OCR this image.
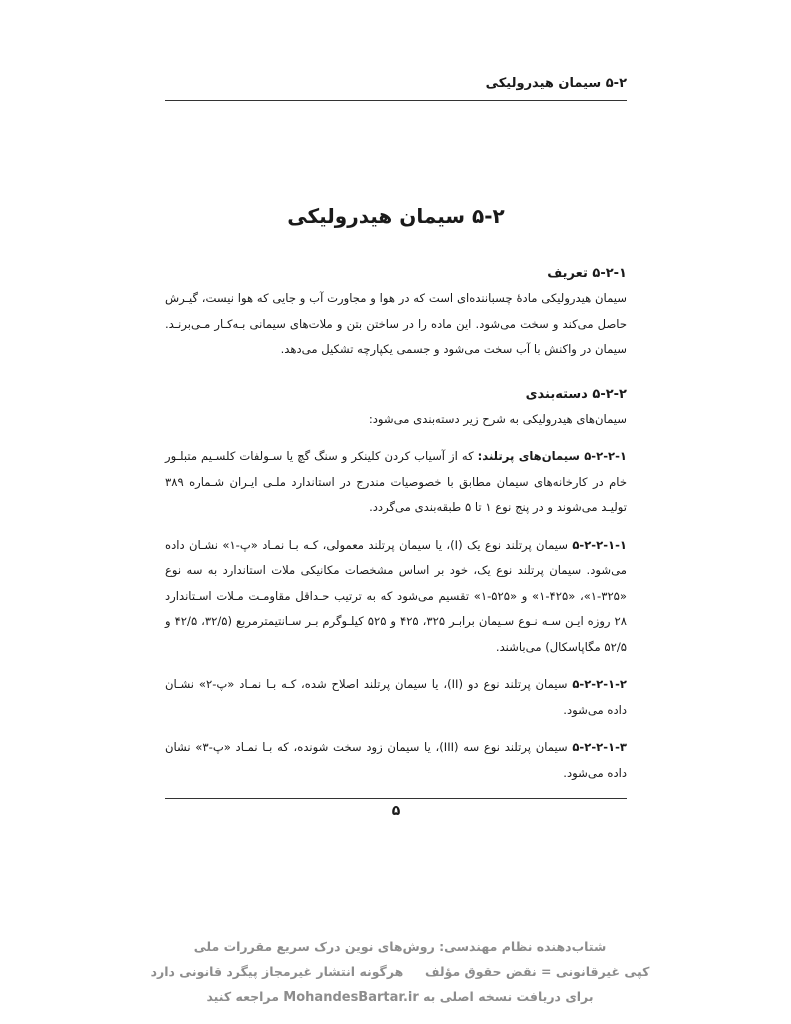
۵-۲ سیمان هیدرولیکی
۵-۲ سیمان هیدرولیکی
۵-۲-۱ تعریف

سیمان هیدرولیکی مادهٔ چسباننده‌ای است که در هوا و مجاورت آب و جایی که هوا نیست، گیـرش حاصل می‌کند و سخت می‌شود. این ماده را در ساختن بتن و ملات‌های سیمانی بـه‌کـار مـی‌برنـد. سیمان در واکنش با آب سخت می‌شود و جسمی یکپارچه تشکیل می‌دهد.

۵-۲-۲ دسته‌بندی

سیمان‌های هیدرولیکی به شرح زیر دسته‌بندی می‌شود:

۵-۲-۲-۱ سیمان‌های پرتلند: که از آسیاب کردن کلینکر و سنگ گچ یا سـولفات کلسـیم متبلـور خام در کارخانه‌های سیمان مطابق با خصوصیات مندرج در استاندارد ملـی ایـران شـماره ۳۸۹ تولیـد می‌شوند و در پنج نوع ۱ تا ۵ طبقه‌بندی می‌گردد.

۵-۲-۲-۱-۱ سیمان پرتلند نوع یک (I)، یا سیمان پرتلند معمولی، کـه بـا نمـاد «پ-۱» نشـان داده می‌شود. سیمان پرتلند نوع یک، خود بر اساس مشخصات مکانیکی ملات استاندارد به سه نوع «۳۲۵-۱»، «۴۲۵-۱» و «۵۲۵-۱» تقسیم می‌شود که به ترتیب حـداقل مقاومـت مـلات اسـتاندارد ۲۸ روزه ایـن سـه نـوع سـیمان برابـر ۳۲۵، ۴۲۵ و ۵۲۵ کیلـوگرم بـر سـانتیمترمربع (۳۲/۵، ۴۲/۵ و ۵۲/۵ مگاپاسکال) می‌باشند.

۵-۲-۲-۱-۲ سیمان پرتلند نوع دو (II)، یا سیمان پرتلند اصلاح شده، کـه بـا نمـاد «پ-۲» نشـان داده می‌شود.

۵-۲-۲-۱-۳ سیمان پرتلند نوع سه (III)، یا سیمان زود سخت شونده، که بـا نمـاد «پ-۳» نشان داده می‌شود.

۵
شتاب‌دهنده نظام مهندسی: روش‌های نوین درک سریع مقررات ملی
کپی غیرقانونی = نقض حقوق مؤلف     هرگونه انتشار غیرمجاز پیگرد قانونی دارد
برای دریافت نسخه اصلی به MohandesBartar.ir مراجعه کنید
